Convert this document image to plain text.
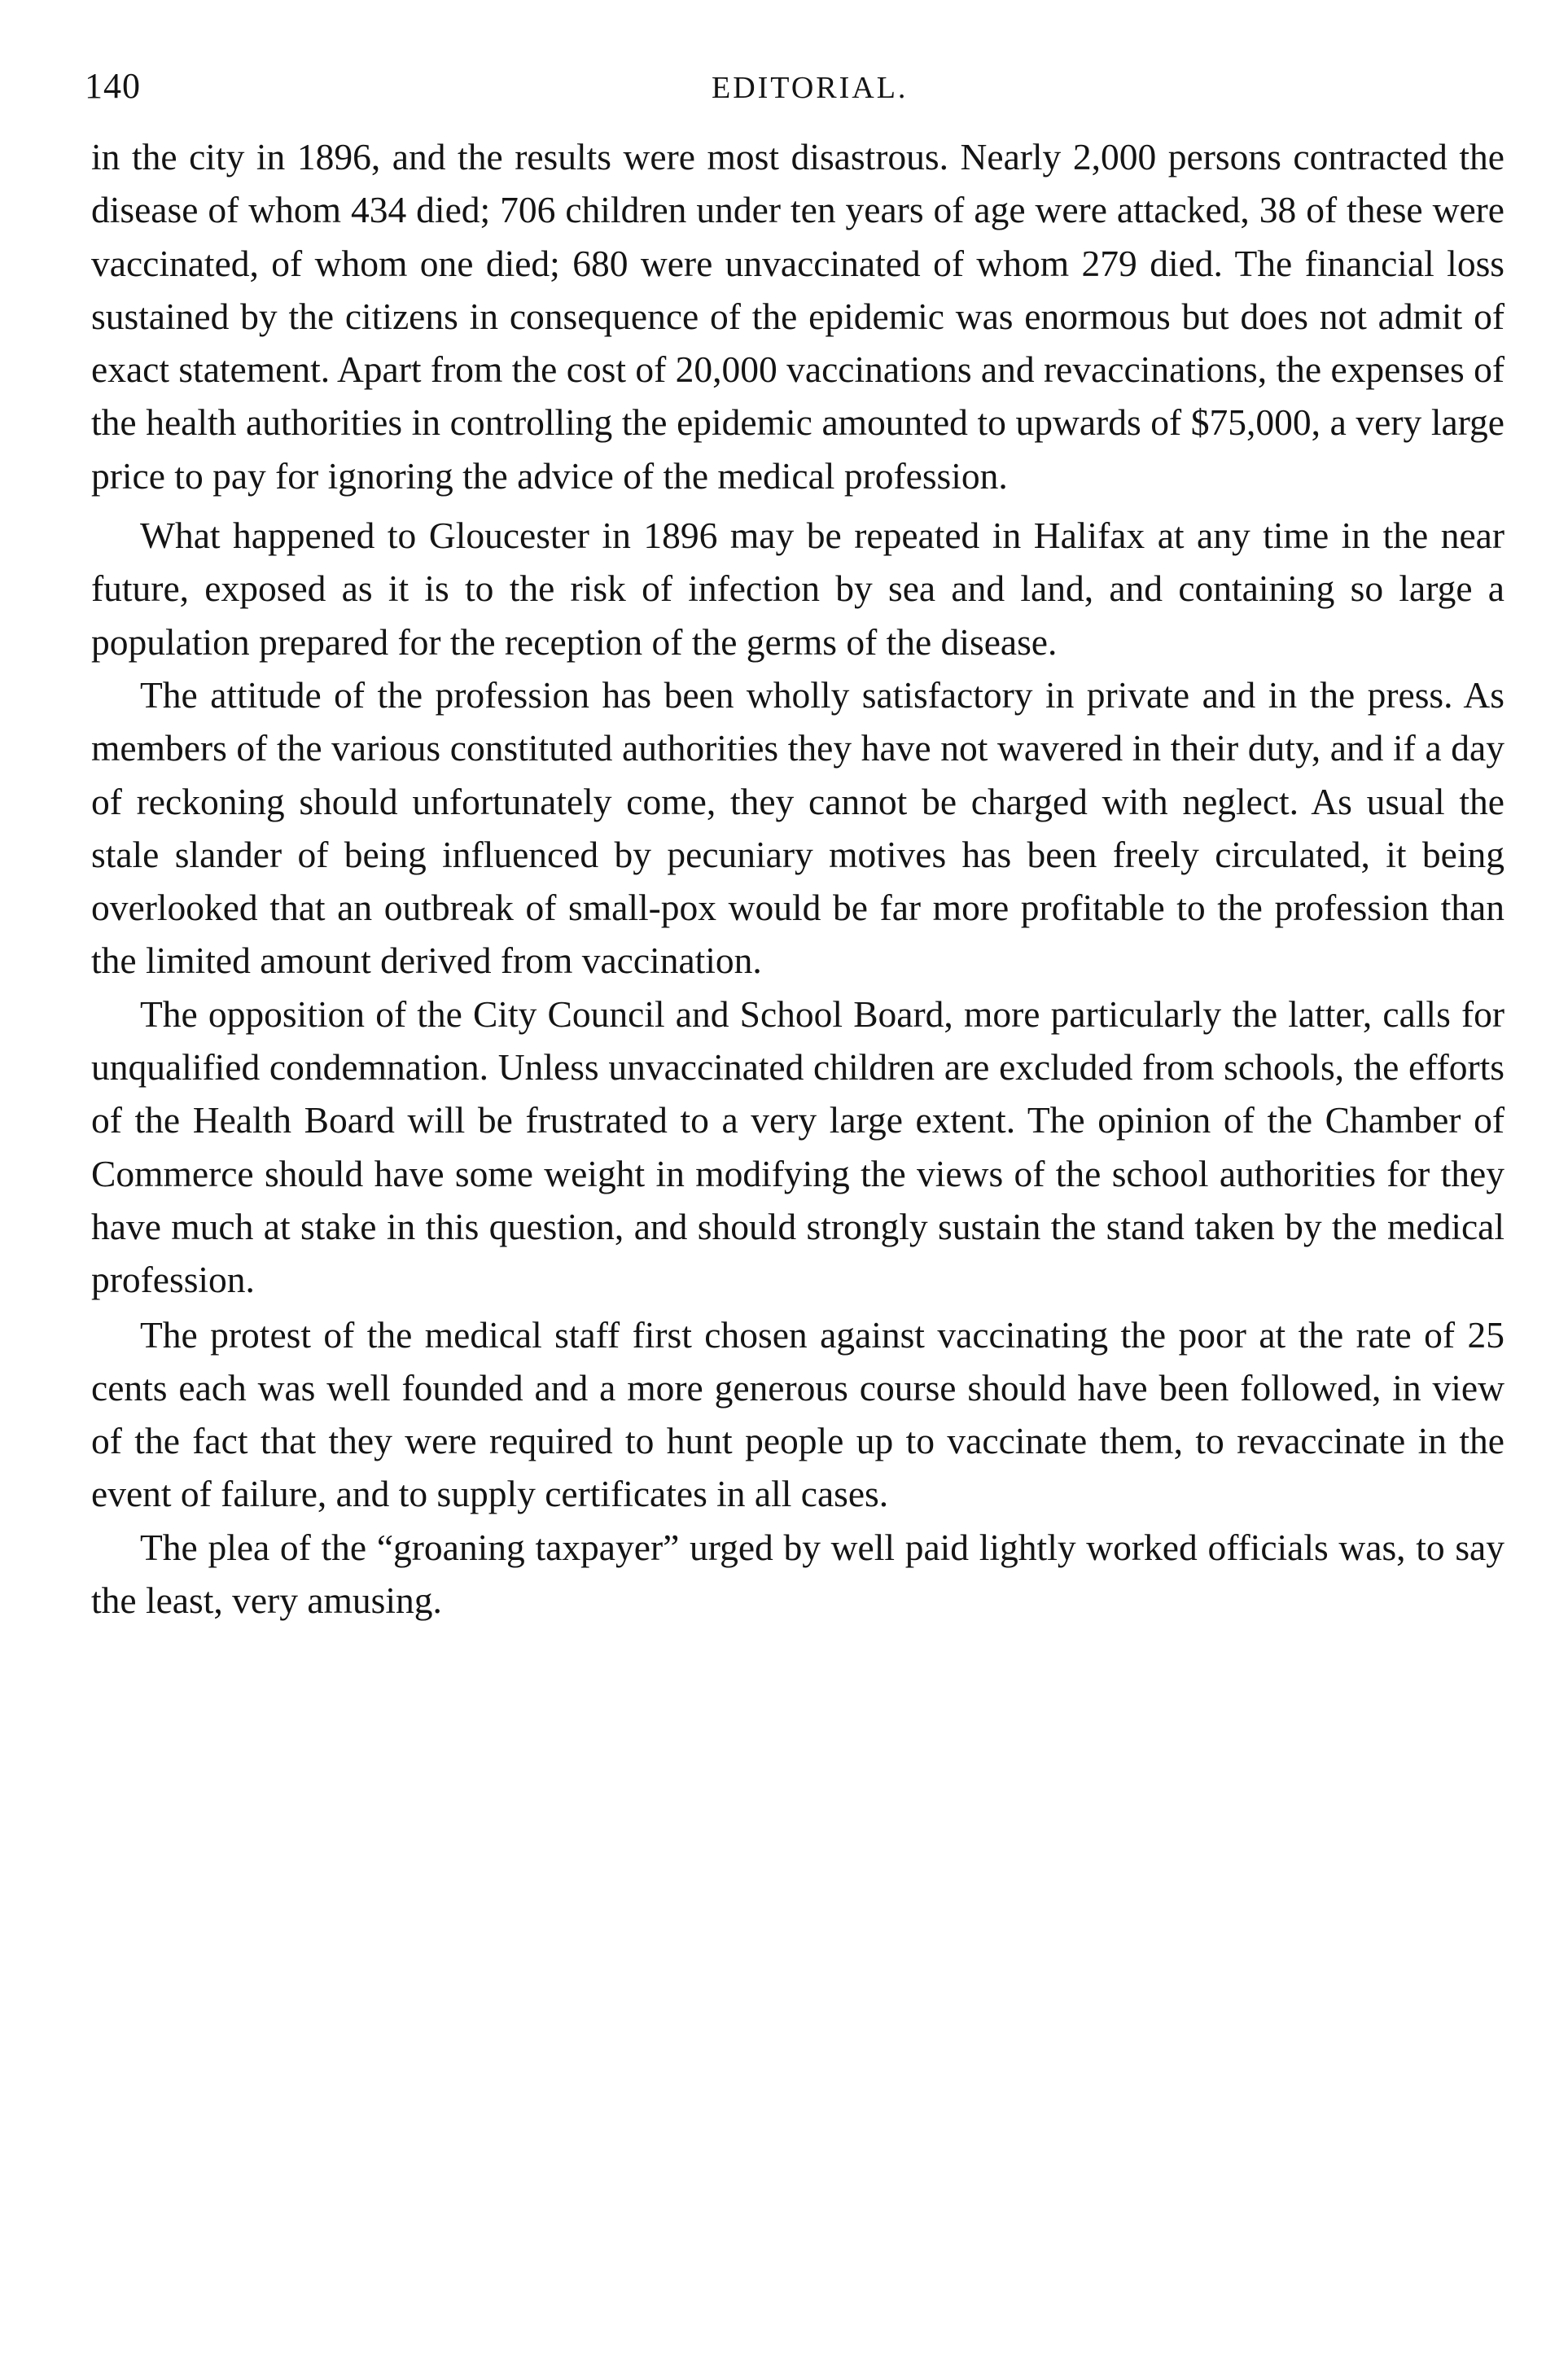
140	EDITORIAL.

in the city in 1896, and the results were most disastrous. Nearly 2,000 persons contracted the disease of whom 434 died; 706 children under ten years of age were attacked, 38 of these were vaccinated, of whom one died; 680 were unvaccinated of whom 279 died. The financial loss sustained by the citizens in consequence of the epidemic was enormous but does not admit of exact statement. Apart from the cost of 20,000 vaccinations and revaccinations, the expenses of the health authorities in controlling the epidemic amounted to upwards of $75,000, a very large price to pay for ignoring the advice of the medical profession.

What happened to Gloucester in 1896 may be repeated in Halifax at any time in the near future, exposed as it is to the risk of infection by sea and land, and containing so large a population prepared for the reception of the germs of the disease.

The attitude of the profession has been wholly satisfactory in private and in the press. As members of the various constituted authorities they have not wavered in their duty, and if a day of reckoning should unfortunately come, they cannot be charged with neglect. As usual the stale slander of being influenced by pecuniary motives has been freely circulated, it being overlooked that an outbreak of small-pox would be far more profitable to the profession than the limited amount derived from vaccination.

The opposition of the City Council and School Board, more particularly the latter, calls for unqualified condemnation. Unless unvaccinated children are excluded from schools, the efforts of the Health Board will be frustrated to a very large extent. The opinion of the Chamber of Commerce should have some weight in modifying the views of the school authorities for they have much at stake in this question, and should strongly sustain the stand taken by the medical profession.

The protest of the medical staff first chosen against vaccinating the poor at the rate of 25 cents each was well founded and a more generous course should have been followed, in view of the fact that they were required to hunt people up to vaccinate them, to revaccinate in the event of failure, and to supply certificates in all cases.

The plea of the “groaning taxpayer” urged by well paid lightly worked officials was, to say the least, very amusing.
